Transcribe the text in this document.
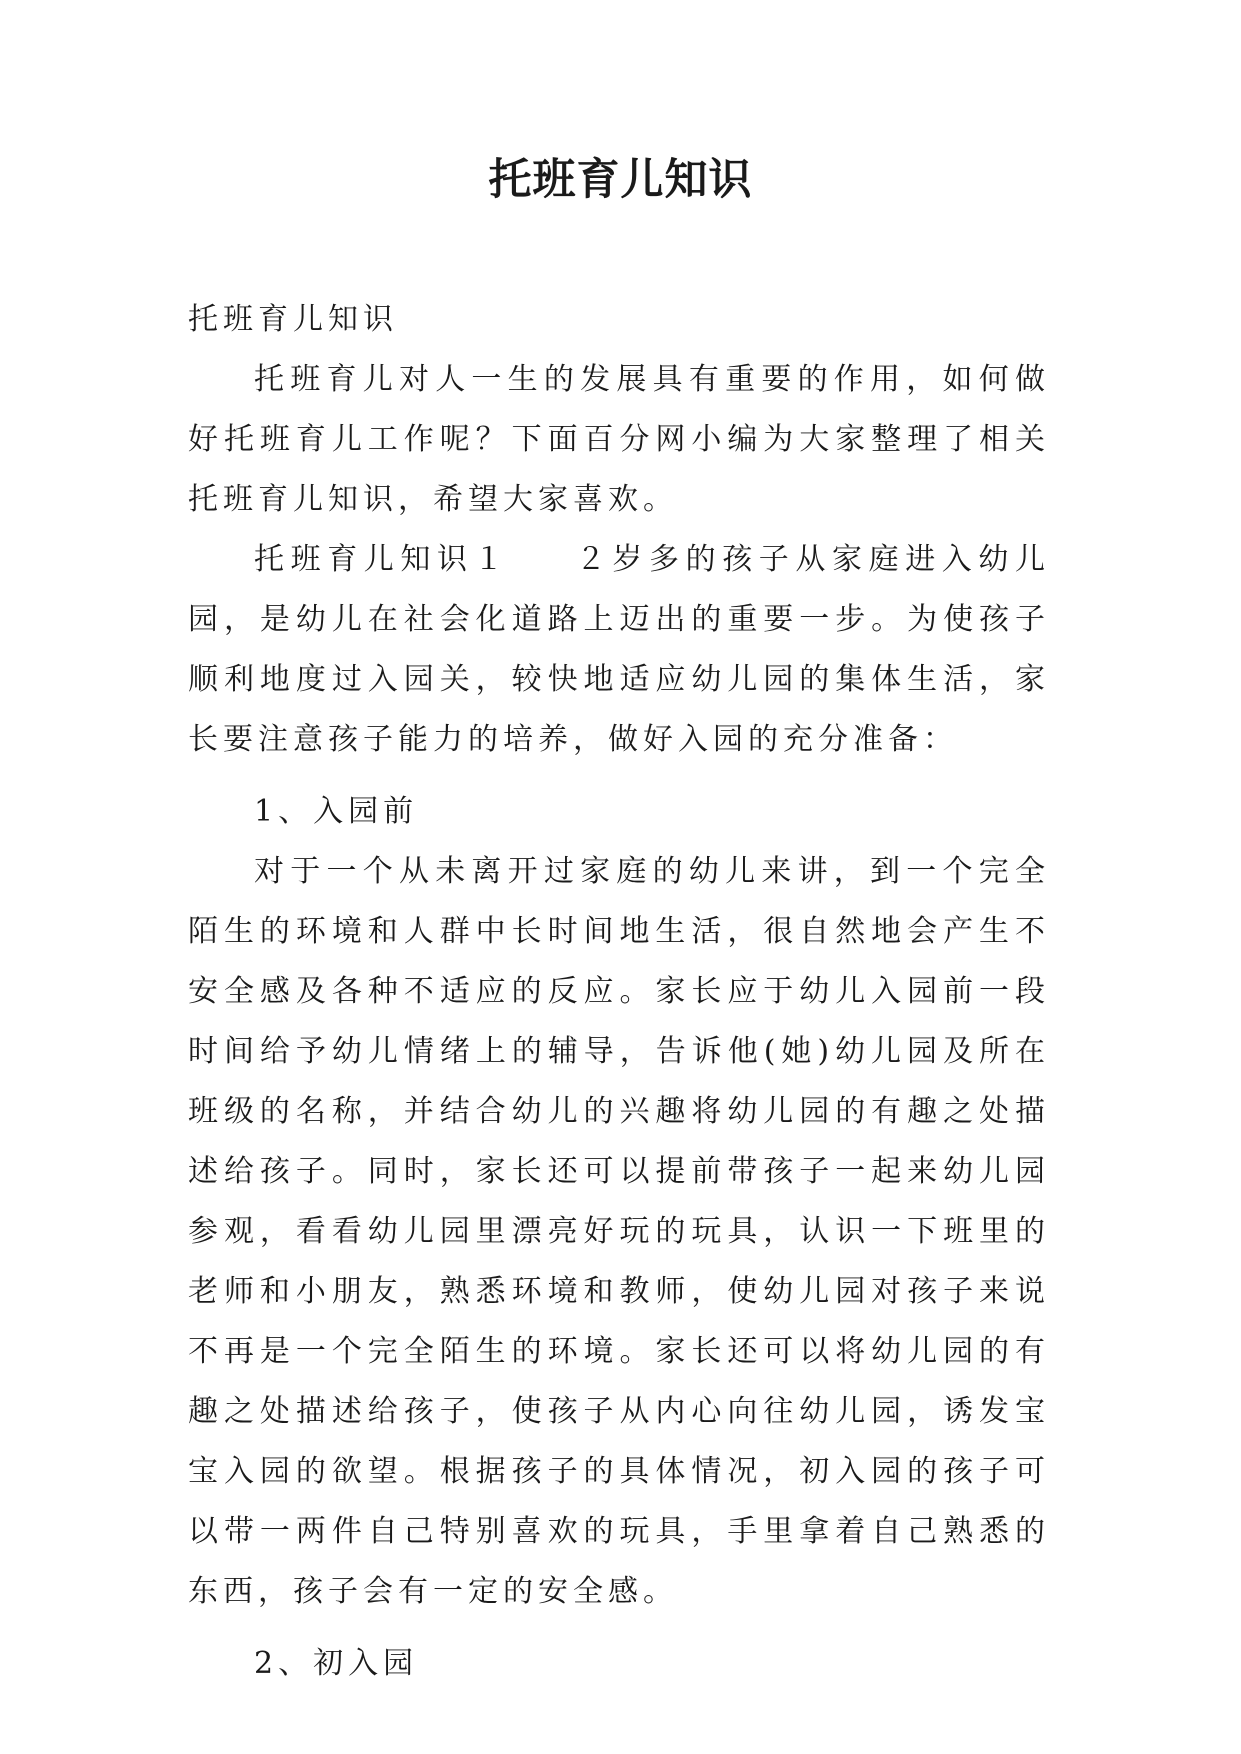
托班育儿知识

托班育儿知识

托班育儿对人一生的发展具有重要的作用，如何做好托班育儿工作呢？下面百分网小编为大家整理了相关托班育儿知识，希望大家喜欢。

托班育儿知识１ ２岁多的孩子从家庭进入幼儿园，是幼儿在社会化道路上迈出的重要一步。为使孩子顺利地度过入园关，较快地适应幼儿园的集体生活，家长要注意孩子能力的培养，做好入园的充分准备：

1、入园前

对于一个从未离开过家庭的幼儿来讲，到一个完全陌生的环境和人群中长时间地生活，很自然地会产生不安全感及各种不适应的反应。家长应于幼儿入园前一段时间给予幼儿情绪上的辅导，告诉他(她)幼儿园及所在班级的名称，并结合幼儿的兴趣将幼儿园的有趣之处描述给孩子。同时，家长还可以提前带孩子一起来幼儿园参观，看看幼儿园里漂亮好玩的玩具，认识一下班里的老师和小朋友，熟悉环境和教师，使幼儿园对孩子来说不再是一个完全陌生的环境。家长还可以将幼儿园的有趣之处描述给孩子，使孩子从内心向往幼儿园，诱发宝宝入园的欲望。根据孩子的具体情况，初入园的孩子可以带一两件自己特别喜欢的玩具，手里拿着自己熟悉的东西，孩子会有一定的安全感。

2、初入园
